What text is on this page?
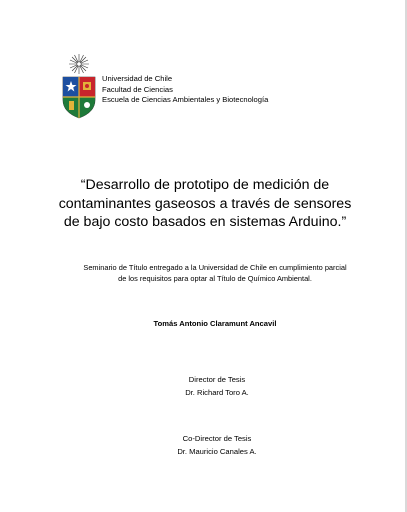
Universidad de Chile
Facultad de Ciencias
Escuela de Ciencias Ambientales y Biotecnología
“Desarrollo de prototipo de medición de
contaminantes gaseosos a través de sensores
de bajo costo basados en sistemas Arduino.”
Seminario de Título entregado a la Universidad de Chile en cumplimiento parcial
de los requisitos para optar al Título de Químico Ambiental.
Tomás Antonio Claramunt Ancavil
Director de Tesis
Dr. Richard Toro A.
Co-Director de Tesis
Dr. Mauricio Canales A.
